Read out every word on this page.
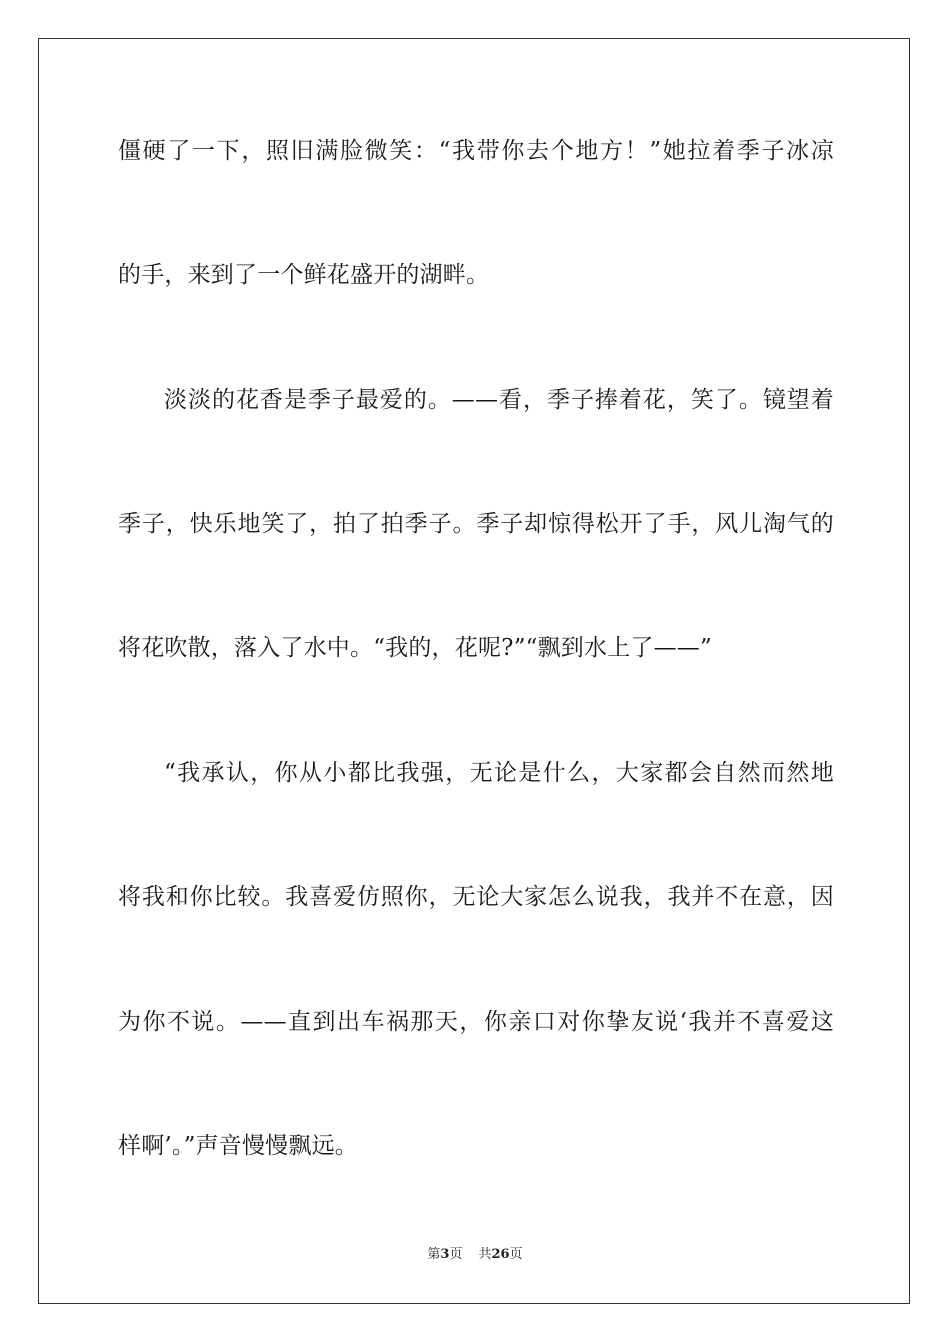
僵硬了一下，照旧满脸微笑：“我带你去个地方！”她拉着季子冰凉
的手，来到了一个鲜花盛开的湖畔。
淡淡的花香是季子最爱的。——看，季子捧着花，笑了。镜望着
季子，快乐地笑了，拍了拍季子。季子却惊得松开了手，风儿淘气的
将花吹散，落入了水中。“我的，花呢?”“飘到水上了——”
“我承认，你从小都比我强，无论是什么，大家都会自然而然地
将我和你比较。我喜爱仿照你，无论大家怎么说我，我并不在意，因
为你不说。——直到出车祸那天，你亲口对你挚友说‘我并不喜爱这
样啊’。”声音慢慢飘远。
第3页 共26页
